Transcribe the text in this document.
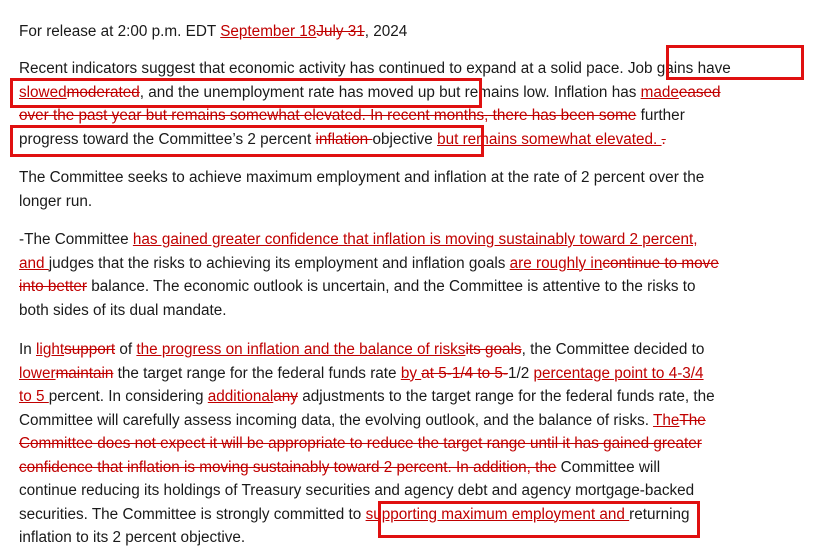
For release at 2:00 p.m. EDT September 18July 31, 2024
Recent indicators suggest that economic activity has continued to expand at a solid pace. Job gains have
slowedmoderated, and the unemployment rate has moved up but remains low. Inflation has madeeased
over the past year but remains somewhat elevated. In recent months, there has been some further
progress toward the Committee’s 2 percent inflation objective but remains somewhat elevated. .
The Committee seeks to achieve maximum employment and inflation at the rate of 2 percent over the
longer run.
-The Committee has gained greater confidence that inflation is moving sustainably toward 2 percent,
and judges that the risks to achieving its employment and inflation goals are roughly incontinue to move
into better balance. The economic outlook is uncertain, and the Committee is attentive to the risks to
both sides of its dual mandate.
In lightsupport of the progress on inflation and the balance of risksits goals, the Committee decided to
lowermaintain the target range for the federal funds rate by at 5-1/4 to 5-1/2 percentage point to 4-3/4
to 5 percent. In considering additionalany adjustments to the target range for the federal funds rate, the
Committee will carefully assess incoming data, the evolving outlook, and the balance of risks. TheThe
Committee does not expect it will be appropriate to reduce the target range until it has gained greater
confidence that inflation is moving sustainably toward 2 percent. In addition, the Committee will
continue reducing its holdings of Treasury securities and agency debt and agency mortgage-backed
securities. The Committee is strongly committed to supporting maximum employment and returning
inflation to its 2 percent objective.
